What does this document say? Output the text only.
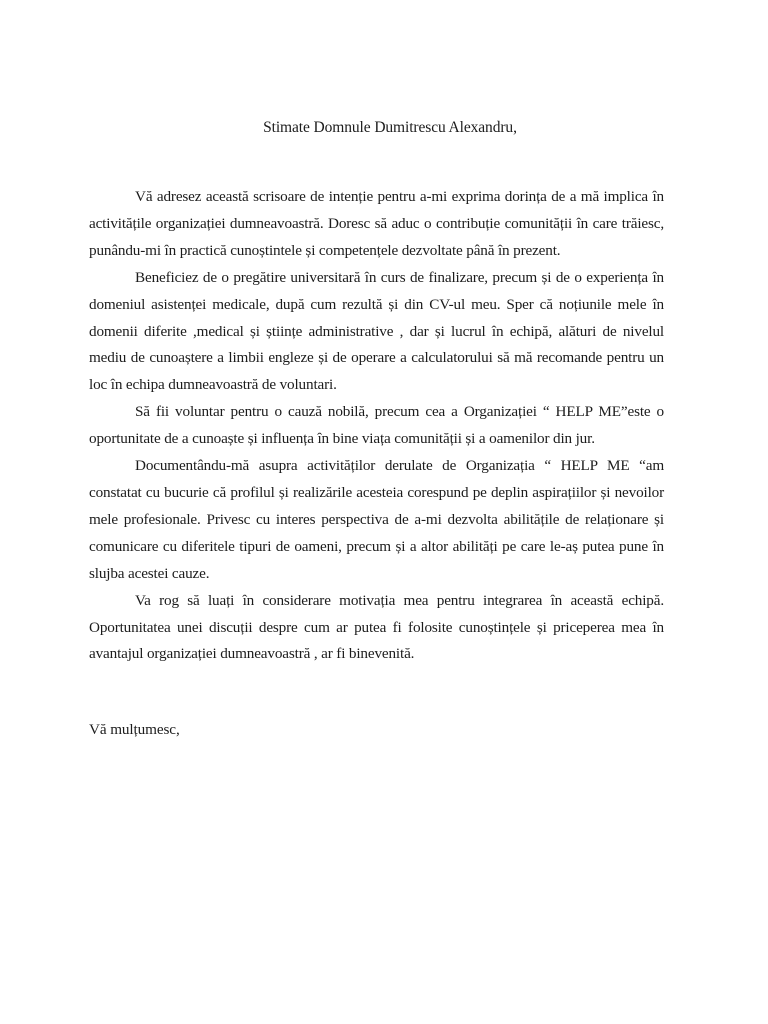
Stimate Domnule Dumitrescu Alexandru,

Vă adresez această scrisoare de intenție pentru a-mi exprima dorința de a mă implica în activitățile organizației dumneavoastră. Doresc să aduc o contribuție comunității în care trăiesc, punându-mi în practică cunoștintele și competențele dezvoltate până în prezent.

Beneficiez de o pregătire universitară în curs de finalizare, precum și de o experiența în domeniul asistenței medicale, după cum rezultă și din CV-ul meu. Sper că noțiunile mele în domenii diferite ,medical și științe administrative , dar și lucrul în echipă, alături de nivelul mediu de cunoaștere a limbii engleze și de operare a calculatorului să mă recomande pentru un loc în echipa dumneavoastră de voluntari.

Să fii voluntar pentru o cauză nobilă, precum cea a Organizației “ HELP ME”este o oportunitate de a cunoaște și influența în bine viața comunității și a oamenilor din jur.

Documentându-mă asupra activităților derulate de Organizația “ HELP ME “am constatat cu bucurie că profilul și realizările acesteia corespund pe deplin aspirațiilor și nevoilor mele profesionale. Privesc cu interes perspectiva de a-mi dezvolta abilitățile de relaționare și comunicare cu diferitele tipuri de oameni, precum și a altor abilități pe care le-aș putea pune în slujba acestei cauze.

Va rog să luați în considerare motivația mea pentru integrarea în această echipă. Oportunitatea unei discuții despre cum ar putea fi folosite cunoștințele și priceperea mea în avantajul organizației dumneavoastră , ar fi binevenită.

Vă mulțumesc,
